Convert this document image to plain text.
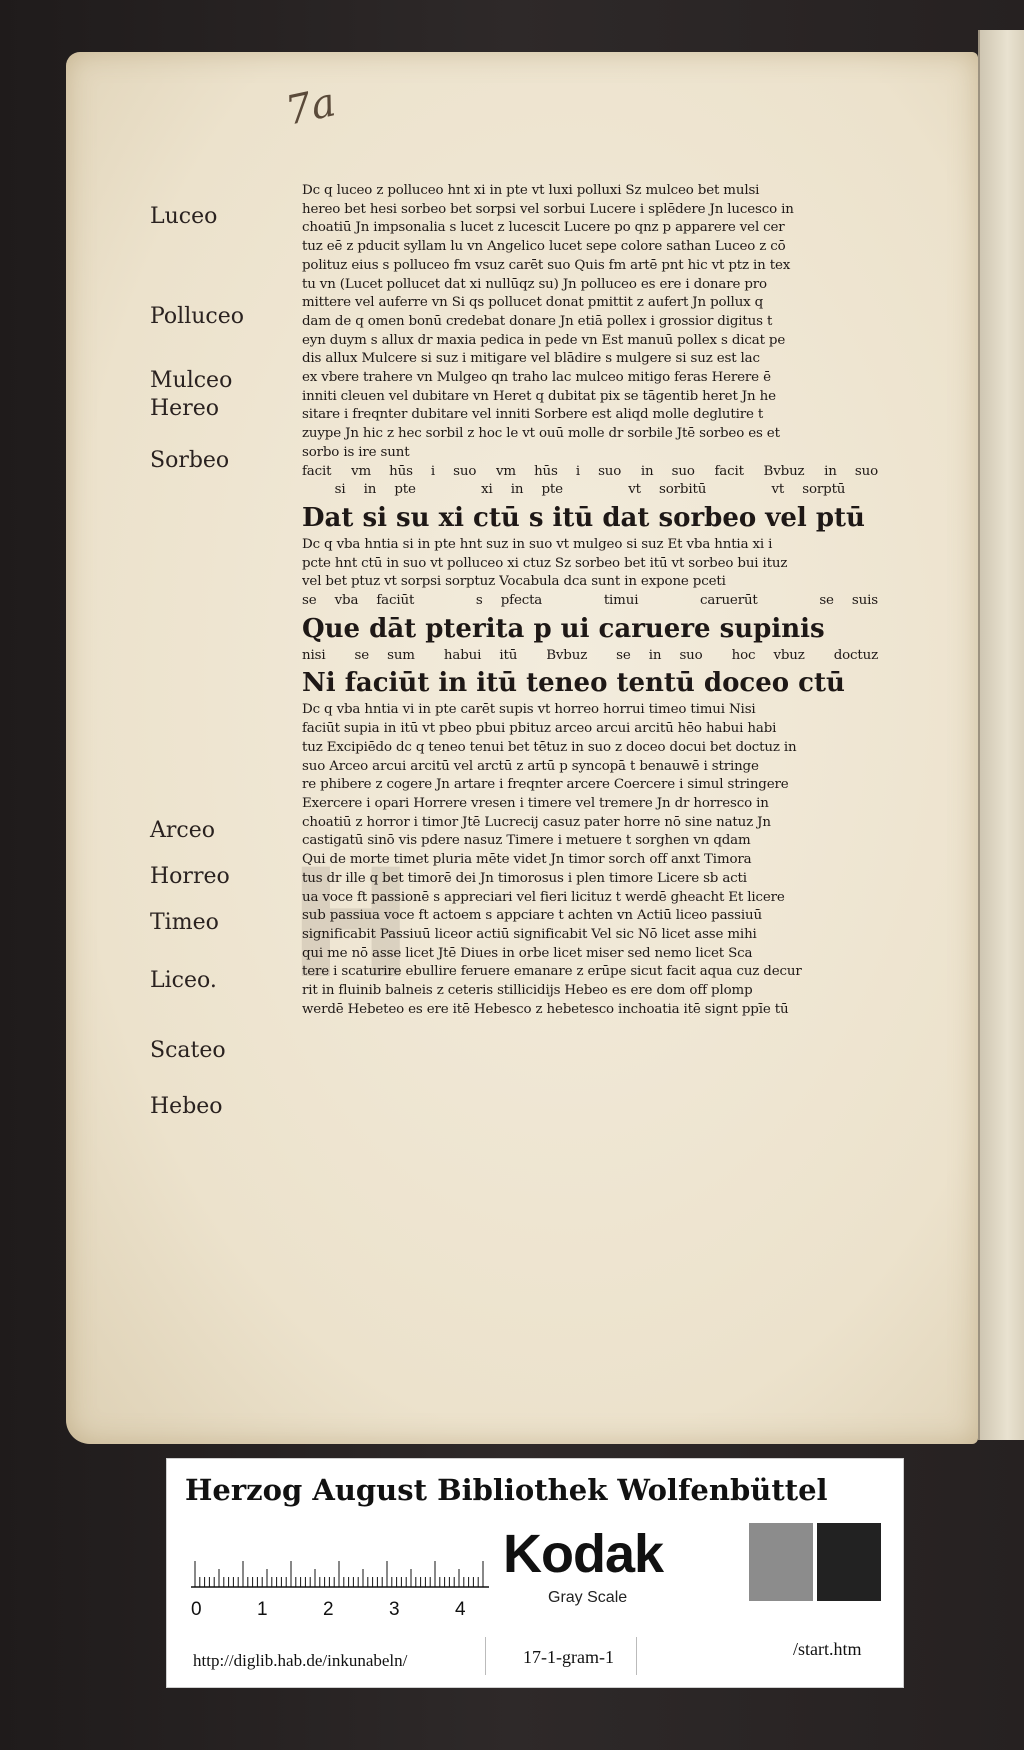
H
7a
Luceo
Polluceo
Mulceo
Hereo
Sorbeo
Arceo
Horreo
Timeo
Liceo.
Scateo
Hebeo
Dc q luceo z polluceo hnt xi in pte vt luxi polluxi Sz mulceo bet mulsi
hereo bet hesi sorbeo bet sorpsi vel sorbui Lucere i splēdere Jn lucesco in
choatiū Jn impsonalia s lucet z lucescit Lucere po qnz p apparere vel cer
tuz eē z pducit syllam lu vn Angelico lucet sepe colore sathan Luceo z cō
polituz eius s polluceo fm vsuz carēt suo Quis fm artē pnt hic vt ptz in tex
tu vn (Lucet pollucet dat xi nullūqz su) Jn polluceo es ere i donare pro
mittere vel auferre vn Si qs pollucet donat pmittit z aufert Jn pollux q
dam de q omen bonū credebat donare Jn etiā pollex i grossior digitus t
eyn duym s allux dr maxia pedica in pede vn Est manuū pollex s dicat pe
dis allux Mulcere si suz i mitigare vel blādire s mulgere si suz est lac
ex vbere trahere vn Mulgeo qn traho lac mulceo mitigo feras Herere ē
inniti cleuen vel dubitare vn Heret q dubitat pix se tāgentib heret Jn he
sitare i freqnter dubitare vel inniti Sorbere est aliqd molle deglutire t
zuype Jn hic z hec sorbil z hoc le vt ouū molle dr sorbile Jtē sorbeo es et
sorbo is ire sunt
facit vm hūs i suo vm hūs i suo in suo facit Bvbuz in suo
si in pte	xi in pte	vt sorbitū	vt sorptū
Dat si su xi ctū s itū dat sorbeo vel ptū
Dc q vba hntia si in pte hnt suz in suo vt mulgeo si suz Et vba hntia xi i
pcte hnt ctū in suo vt polluceo xi ctuz Sz sorbeo bet itū vt sorbeo bui ituz
vel bet ptuz vt sorpsi sorptuz Vocabula dca sunt in expone pceti
se vba faciūt	s pfecta	timui	caruerūt	se suis
Que dāt pterita p ui caruere supinis
nisi se sum habui itū Bvbuz se in suo hoc vbuz doctuz
Ni faciūt in itū teneo tentū doceo ctū
Dc q vba hntia vi in pte carēt supis vt horreo horrui timeo timui Nisi
faciūt supia in itū vt pbeo pbui pbituz arceo arcui arcitū hēo habui habi
tuz Excipiēdo dc q teneo tenui bet tētuz in suo z doceo docui bet doctuz in
suo Arceo arcui arcitū vel arctū z artū p syncopā t benauwē i stringe
re phibere z cogere Jn artare i freqnter arcere Coercere i simul stringere
Exercere i opari Horrere vresen i timere vel tremere Jn dr horresco in
choatiū z horror i timor Jtē Lucrecij casuz pater horre nō sine natuz Jn
castigatū sinō vis pdere nasuz Timere i metuere t sorghen vn qdam
Qui de morte timet pluria mēte videt Jn timor sorch off anxt Timora
tus dr ille q bet timorē dei Jn timorosus i plen timore Licere sb acti
ua voce ft passionē s appreciari vel fieri licituz t werdē gheacht Et licere
sub passiua voce ft actoem s appciare t achten vn Actiū liceo passiuū
significabit Passiuū liceor actiū significabit Vel sic Nō licet asse mihi
qui me nō asse licet Jtē Diues in orbe licet miser sed nemo licet Sca
tere i scaturire ebullire feruere emanare z erūpe sicut facit aqua cuz decur
rit in fluinib balneis z ceteris stillicidijs Hebeo es ere dom off plomp
werdē Hebeteo es ere itē Hebesco z hebetesco inchoatia itē signt ppīe tū
Herzog August Bibliothek Wolfenbüttel
0	1	2	3	4
Kodak
Gray Scale
http://diglib.hab.de/inkunabeln/	17-1-gram-1	/start.htm
